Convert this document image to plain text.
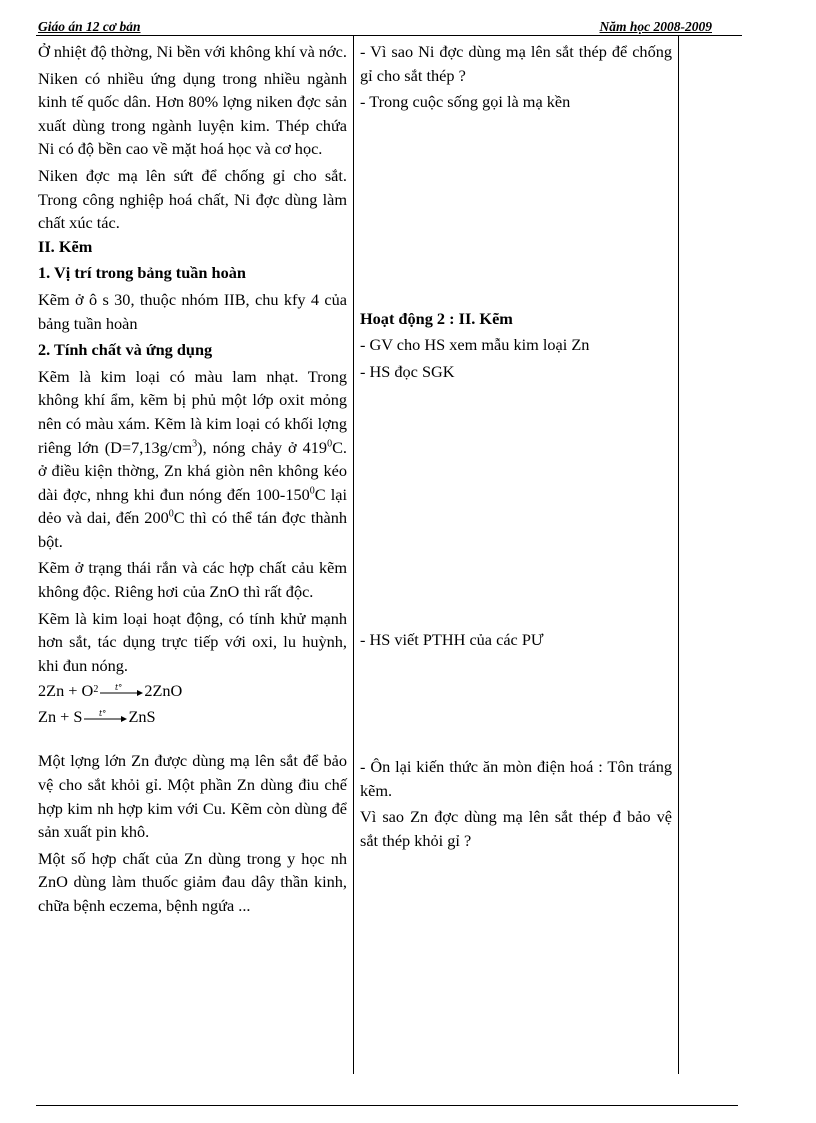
Giáo án 12 cơ bản	Năm học 2008-2009

Ở nhiệt độ thờng, Ni bền với không khí và nớc.

Niken có nhiều ứng dụng trong nhiều ngành kinh tế quốc dân. Hơn 80% lợng niken đợc sản xuất dùng trong ngành luyện kim. Thép chứa Ni có độ bền cao về mặt hoá học và cơ học.

Niken đợc mạ lên sứt để chống gỉ cho sắt. Trong công nghiệp hoá chất, Ni đợc dùng làm chất xúc tác.

II. Kẽm

1. Vị trí trong bảng tuần hoàn

Kẽm ở ô s 30, thuộc nhóm IIB, chu kfy 4 của bảng tuần hoàn

2. Tính chất và ứng dụng

Kẽm là kim loại có màu lam nhạt. Trong không khí ẩm, kẽm bị phủ một lớp oxit mỏng nên có màu xám. Kẽm là kim loại có khối lợng riêng lớn $(D=7,13g/cm^3)$, nóng chảy ở $419^0C$. ở điều kiện thờng, Zn khá giòn nên không kéo dài đợc, nhng khi đun nóng đến $100-150^0C$ lại dẻo và dai, đến $200^0C$ thì có thể tán đợc thành bột.

Kẽm ở trạng thái rắn và các hợp chất cảu kẽm không độc. Riêng hơi của ZnO thì rất độc.

Kẽm là kim loại hoạt động, có tính khử mạnh hơn sắt, tác dụng trực tiếp với oxi, lu huỳnh, khi đun nóng.

2Zn + O 2 t° 2ZnO
Zn + S t° ZnS

Một lợng lớn Zn được dùng mạ lên sắt để bảo vệ cho sắt khỏi gỉ. Một phần Zn dùng điu chế hợp kim nh hợp kim với Cu. Kẽm còn dùng để sản xuất pin khô.

Một số hợp chất của Zn dùng trong y học nh ZnO dùng làm thuốc giảm đau dây thần kinh, chữa bệnh eczema, bệnh ngứa ...

- Vì sao Ni đợc dùng mạ lên sắt thép để chống gỉ cho sắt thép ?

- Trong cuộc sống gọi là mạ kền

Hoạt động 2 : II. Kẽm

- GV cho HS xem mẫu kim loại Zn

- HS đọc SGK

- HS viết PTHH của các PƯ

- Ôn lại kiến thức ăn mòn điện hoá : Tôn tráng kẽm.

Vì sao Zn đợc dùng mạ lên sắt thép đ bảo vệ sắt thép khỏi gỉ ?
